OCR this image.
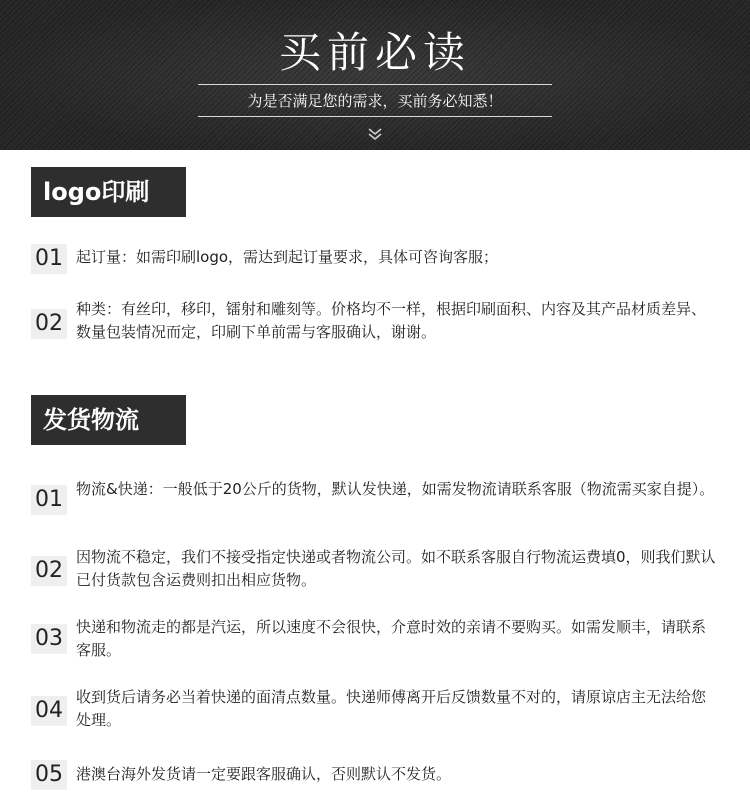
买前必读
为是否满足您的需求，买前务必知悉！
logo印刷
01 起订量：如需印刷logo，需达到起订量要求，具体可咨询客服；
02
种类：有丝印，移印，镭射和雕刻等。价格均不一样，根据印刷面积、内容及其产品材质差异、数量包装情况而定，印刷下单前需与客服确认，谢谢。
发货物流
01 物流&快递：一般低于20公斤的货物，默认发快递，如需发物流请联系客服（物流需买家自提）。
02
因物流不稳定，我们不接受指定快递或者物流公司。如不联系客服自行物流运费填0，则我们默认已付货款包含运费则扣出相应货物。
03 快递和物流走的都是汽运，所以速度不会很快，介意时效的亲请不要购买。如需发顺丰，请联系客服。
04
收到货后请务必当着快递的面清点数量。快递师傅离开后反馈数量不对的，请原谅店主无法给您处理。
05 港澳台海外发货请一定要跟客服确认，否则默认不发货。
